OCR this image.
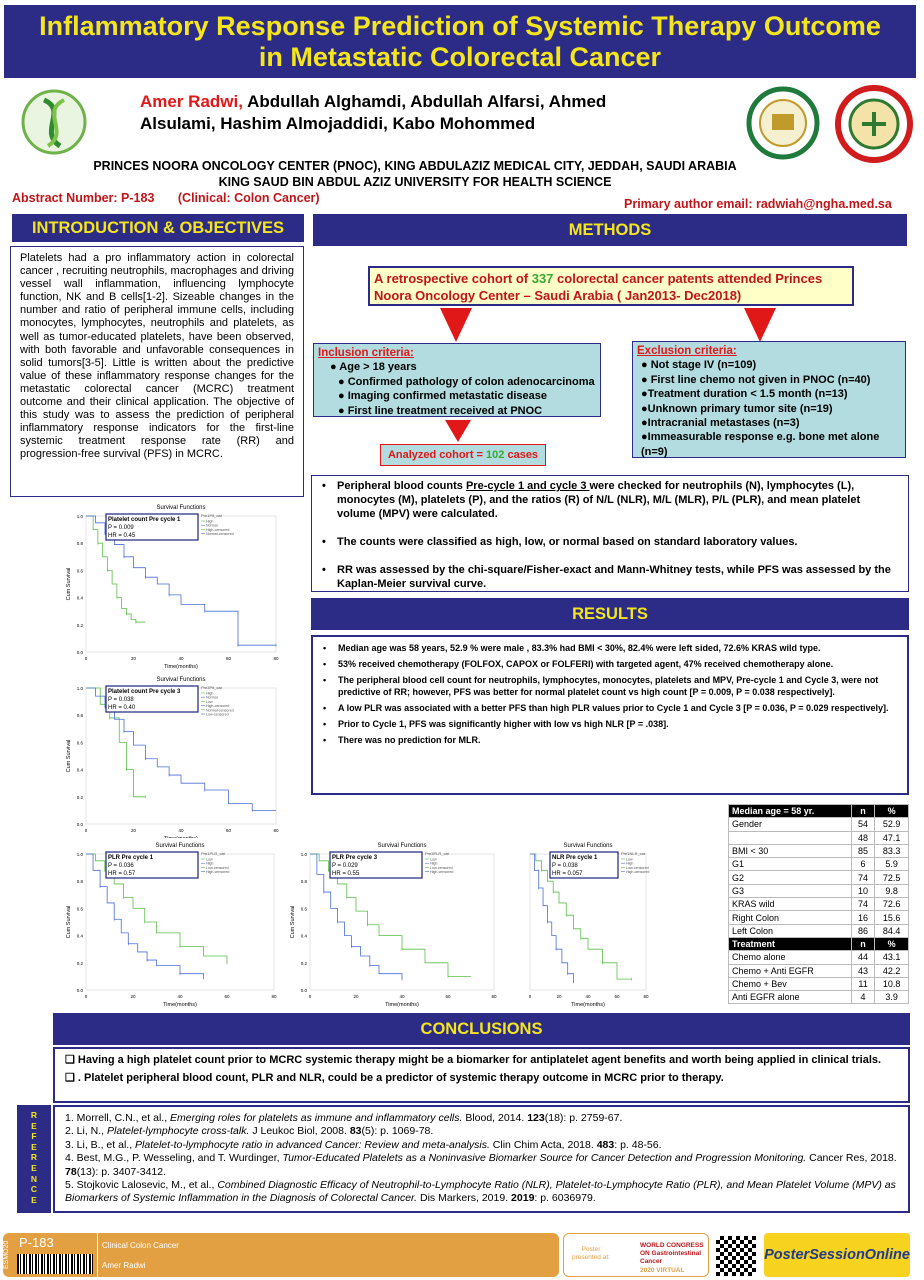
Inflammatory Response Prediction of Systemic Therapy Outcome
in Metastatic Colorectal Cancer
Amer Radwi, Abdullah Alghamdi, Abdullah Alfarsi, Ahmed
Alsulami, Hashim Almojaddidi, Kabo Mohommed
PRINCES NOORA ONCOLOGY CENTER (PNOC), KING ABDULAZIZ MEDICAL CITY, JEDDAH, SAUDI ARABIA
KING SAUD BIN ABDUL AZIZ UNIVERSITY FOR HEALTH SCIENCE
Abstract Number: P-183 (Clinical: Colon Cancer)	Primary author email: radwiah@ngha.med.sa
INTRODUCTION & OBJECTIVES
Platelets had a pro inflammatory action in colorectal cancer , recruiting neutrophils, macrophages and driving vessel wall inflammation, influencing lymphocyte function, NK and B cells[1-2]. Sizeable changes in the number and ratio of peripheral immune cells, including monocytes, lymphocytes, neutrophils and platelets, as well as tumor-educated platelets, have been observed, with both favorable and unfavorable consequences in solid tumors[3-5]. Little is written about the predictive value of these inflammatory response changes for the metastatic colorectal cancer (MCRC) treatment outcome and their clinical application. The objective of this study was to assess the prediction of peripheral inflammatory response indicators for the first-line systemic treatment response rate (RR) and progression-free survival (PFS) in MCRC.
METHODS
A retrospective cohort of 337 colorectal cancer patents attended Princes Noora Oncology Center – Saudi Arabia ( Jan2013- Dec2018)
Inclusion criteria:
● Age > 18 years
● Confirmed pathology of colon adenocarcinoma
● Imaging confirmed metastatic disease
● First line treatment received at PNOC
Exclusion criteria:
● Not stage IV (n=109)
● First line chemo not given in PNOC (n=40)
●Treatment duration < 1.5 month (n=13)
●Unknown primary tumor site (n=19)
●Intracranial metastases (n=3)
●Immeasurable response e.g. bone met alone (n=9)
Analyzed cohort = 102 cases
• Peripheral blood counts Pre-cycle 1 and cycle 3 were checked for neutrophils (N), lymphocytes (L), monocytes (M), platelets (P), and the ratios (R) of N/L (NLR), M/L (MLR), P/L (PLR), and mean platelet volume (MPV) were calculated.
• The counts were classified as high, low, or normal based on standard laboratory values.
• RR was assessed by the chi-square/Fisher-exact and Mann-Whitney tests, while PFS was assessed by the Kaplan-Meier survival curve.
RESULTS
• Median age was 58 years, 52.9 % were male , 83.3% had BMI < 30%, 82.4% were left sided, 72.6% KRAS wild type.
• 53% received chemotherapy (FOLFOX, CAPOX or FOLFERI) with targeted agent, 47% received chemotherapy alone.
• The peripheral blood cell count for neutrophils, lymphocytes, monocytes, platelets and MPV, Pre-cycle 1 and Cycle 3, were not predictive of RR; however, PFS was better for normal platelet count vs high count [P = 0.009, P = 0.038 respectively].
• A low PLR was associated with a better PFS than high PLR values prior to Cycle 1 and Cycle 3 [P = 0.036, P = 0.029 respectively].
• Prior to Cycle 1, PFS was significantly higher with low vs high NLR [P = .038].
• There was no prediction for MLR.
Survival Functions
1.0
0.8
0.6
0.4
0.2
0.0
0	20	40	60	80
Time(months)
Cum Survival
Platelet count Pre cycle 1
P = 0.009
HR = 0.45
Pre1Plt_cat
High
Normal
High-censored
Normal-censored
Survival Functions
1.0
0.8
0.6
0.4
0.2
0.0
0	20	40	60	80
Cum Survival
Platelet count Pre cycle 3
P = 0.038
HR = 0.40
Pre3Plt_cat
High
Normal
Low
High-censored
Normal-censored
Low-censored
Survival Functions
1.0
0.8
0.6
0.4
0.2
0.0
0	20	40	60	80
Time(months)
Cum Survival
PLR Pre cycle 1
P = 0.036
HR = 0.57
Pre1PLR_cat
Low
High
Low-censored
High-censored
Survival Functions
1.0
0.8
0.6
0.4
0.2
0.0
0	20	40	60	80
Time(months)
Cum Survival
PLR Pre cycle 3
P = 0.029
HR = 0.55
Pre3PLR_cat
Low
High
Low-censored
High-censored
Survival Functions
0	20	40	60	80
Time(months)
NLR Pre cycle 1
P = 0.038
HR = 0.057
Pre1NLR_cat
Low
High
Low-censored
High-censored
Median age = 58 yr.	n	%
Gender	54	52.9
	48	47.1
BMI < 30	85	83.3
G1	6	5.9
G2	74	72.5
G3	10	9.8
KRAS wild	74	72.6
Right Colon	16	15.6
Left Colon	86	84.4
Treatment	n	%
Chemo alone	44	43.1
Chemo + Anti EGFR	43	42.2
Chemo + Bev	11	10.8
Anti EGFR alone	4	3.9
CONCLUSIONS
❑ Having a high platelet count prior to MCRC systemic therapy might be a biomarker for antiplatelet agent benefits and worth being applied in clinical trials.
❑ . Platelet peripheral blood count, PLR and NLR, could be a predictor of systemic therapy outcome in MCRC prior to therapy.
R
E
F
E
R
E
N
C
E
1. Morrell, C.N., et al., Emerging roles for platelets as immune and inflammatory cells. Blood, 2014. 123(18): p. 2759-67.
2. Li, N., Platelet-lymphocyte cross-talk. J Leukoc Biol, 2008. 83(5): p. 1069-78.
3. Li, B., et al., Platelet-to-lymphocyte ratio in advanced Cancer: Review and meta-analysis. Clin Chim Acta, 2018. 483: p. 48-56.
4. Best, M.G., P. Wesseling, and T. Wurdinger, Tumor-Educated Platelets as a Noninvasive Biomarker Source for Cancer Detection and Progression Monitoring. Cancer Res, 2018. 78(13): p. 3407-3412.
5. Stojkovic Lalosevic, M., et al., Combined Diagnostic Efficacy of Neutrophil-to-Lymphocyte Ratio (NLR), Platelet-to-Lymphocyte Ratio (PLR), and Mean Platelet Volume (MPV) as Biomarkers of Systemic Inflammation in the Diagnosis of Colorectal Cancer. Dis Markers, 2019. 2019: p. 6036979.
ESMO20 P-183	Clinical Colon Cancer
Amer Radwi
Poster presented at:
WORLD CONGRESS ON Gastrointestinal Cancer
2020 VIRTUAL
PosterSessionOnline
